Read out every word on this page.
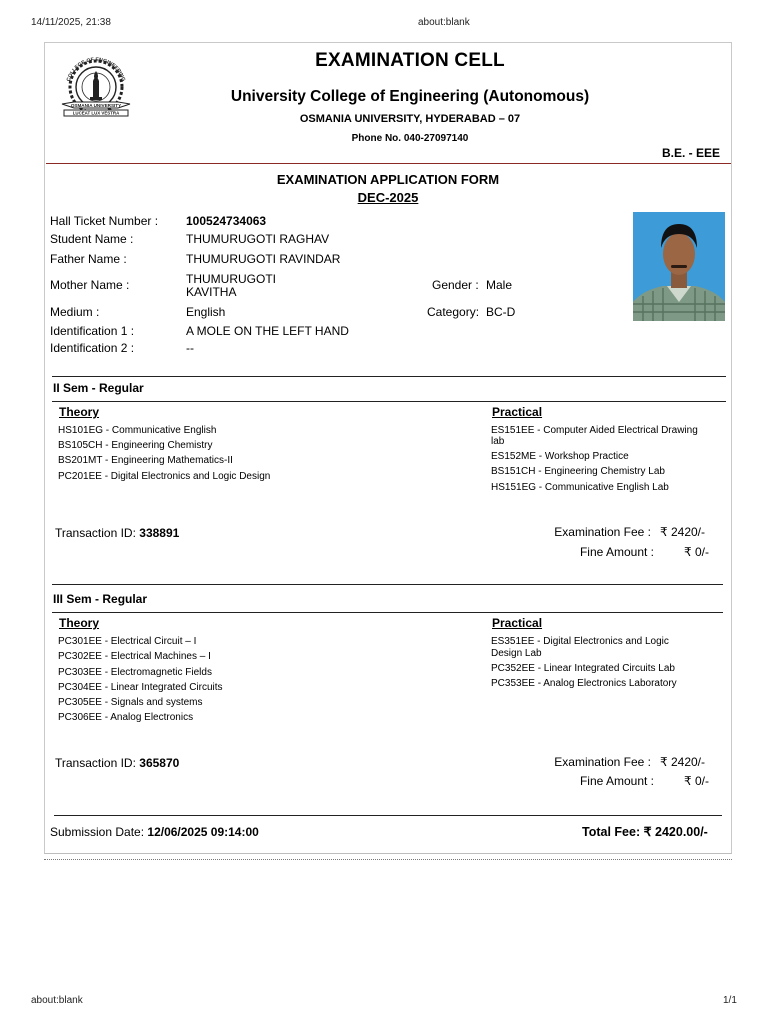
14/11/2025, 21:38	about:blank
COLLEGE OF ENGINEERING
OSMANIA UNIVERSITY
LUCEAT LUX VESTRA
EXAMINATION CELL
University College of Engineering (Autonomous)
OSMANIA UNIVERSITY, HYDERABAD – 07
Phone No. 040-27097140
B.E. - EEE
EXAMINATION APPLICATION FORM
DEC-2025
Hall Ticket Number : 100524734063
Student Name :	THUMURUGOTI RAGHAV
Father Name :	THUMURUGOTI RAVINDAR
Mother Name :	THUMURUGOTI
KAVITHA	Gender : Male
Medium :	English	Category: BC-D
Identification 1 :	A MOLE ON THE LEFT HAND
Identification 2 :	--
II Sem - Regular
Theory	Practical
HS101EG - Communicative English
BS105CH - Engineering Chemistry
BS201MT - Engineering Mathematics-II
PC201EE - Digital Electronics and Logic Design
ES151EE - Computer Aided Electrical Drawing
lab
ES152ME - Workshop Practice
BS151CH - Engineering Chemistry Lab
HS151EG - Communicative English Lab
Transaction ID: 338891	Examination Fee : ₹ 2420/-
Fine Amount :	₹ 0/-
III Sem - Regular
Theory	Practical
PC301EE - Electrical Circuit – I
PC302EE - Electrical Machines – I
PC303EE - Electromagnetic Fields
PC304EE - Linear Integrated Circuits
PC305EE - Signals and systems
PC306EE - Analog Electronics
ES351EE - Digital Electronics and Logic
Design Lab
PC352EE - Linear Integrated Circuits Lab
PC353EE - Analog Electronics Laboratory
Transaction ID: 365870	Examination Fee : ₹ 2420/-
Fine Amount :	₹ 0/-
Submission Date: 12/06/2025 09:14:00	Total Fee: ₹ 2420.00/-
about:blank	1/1
